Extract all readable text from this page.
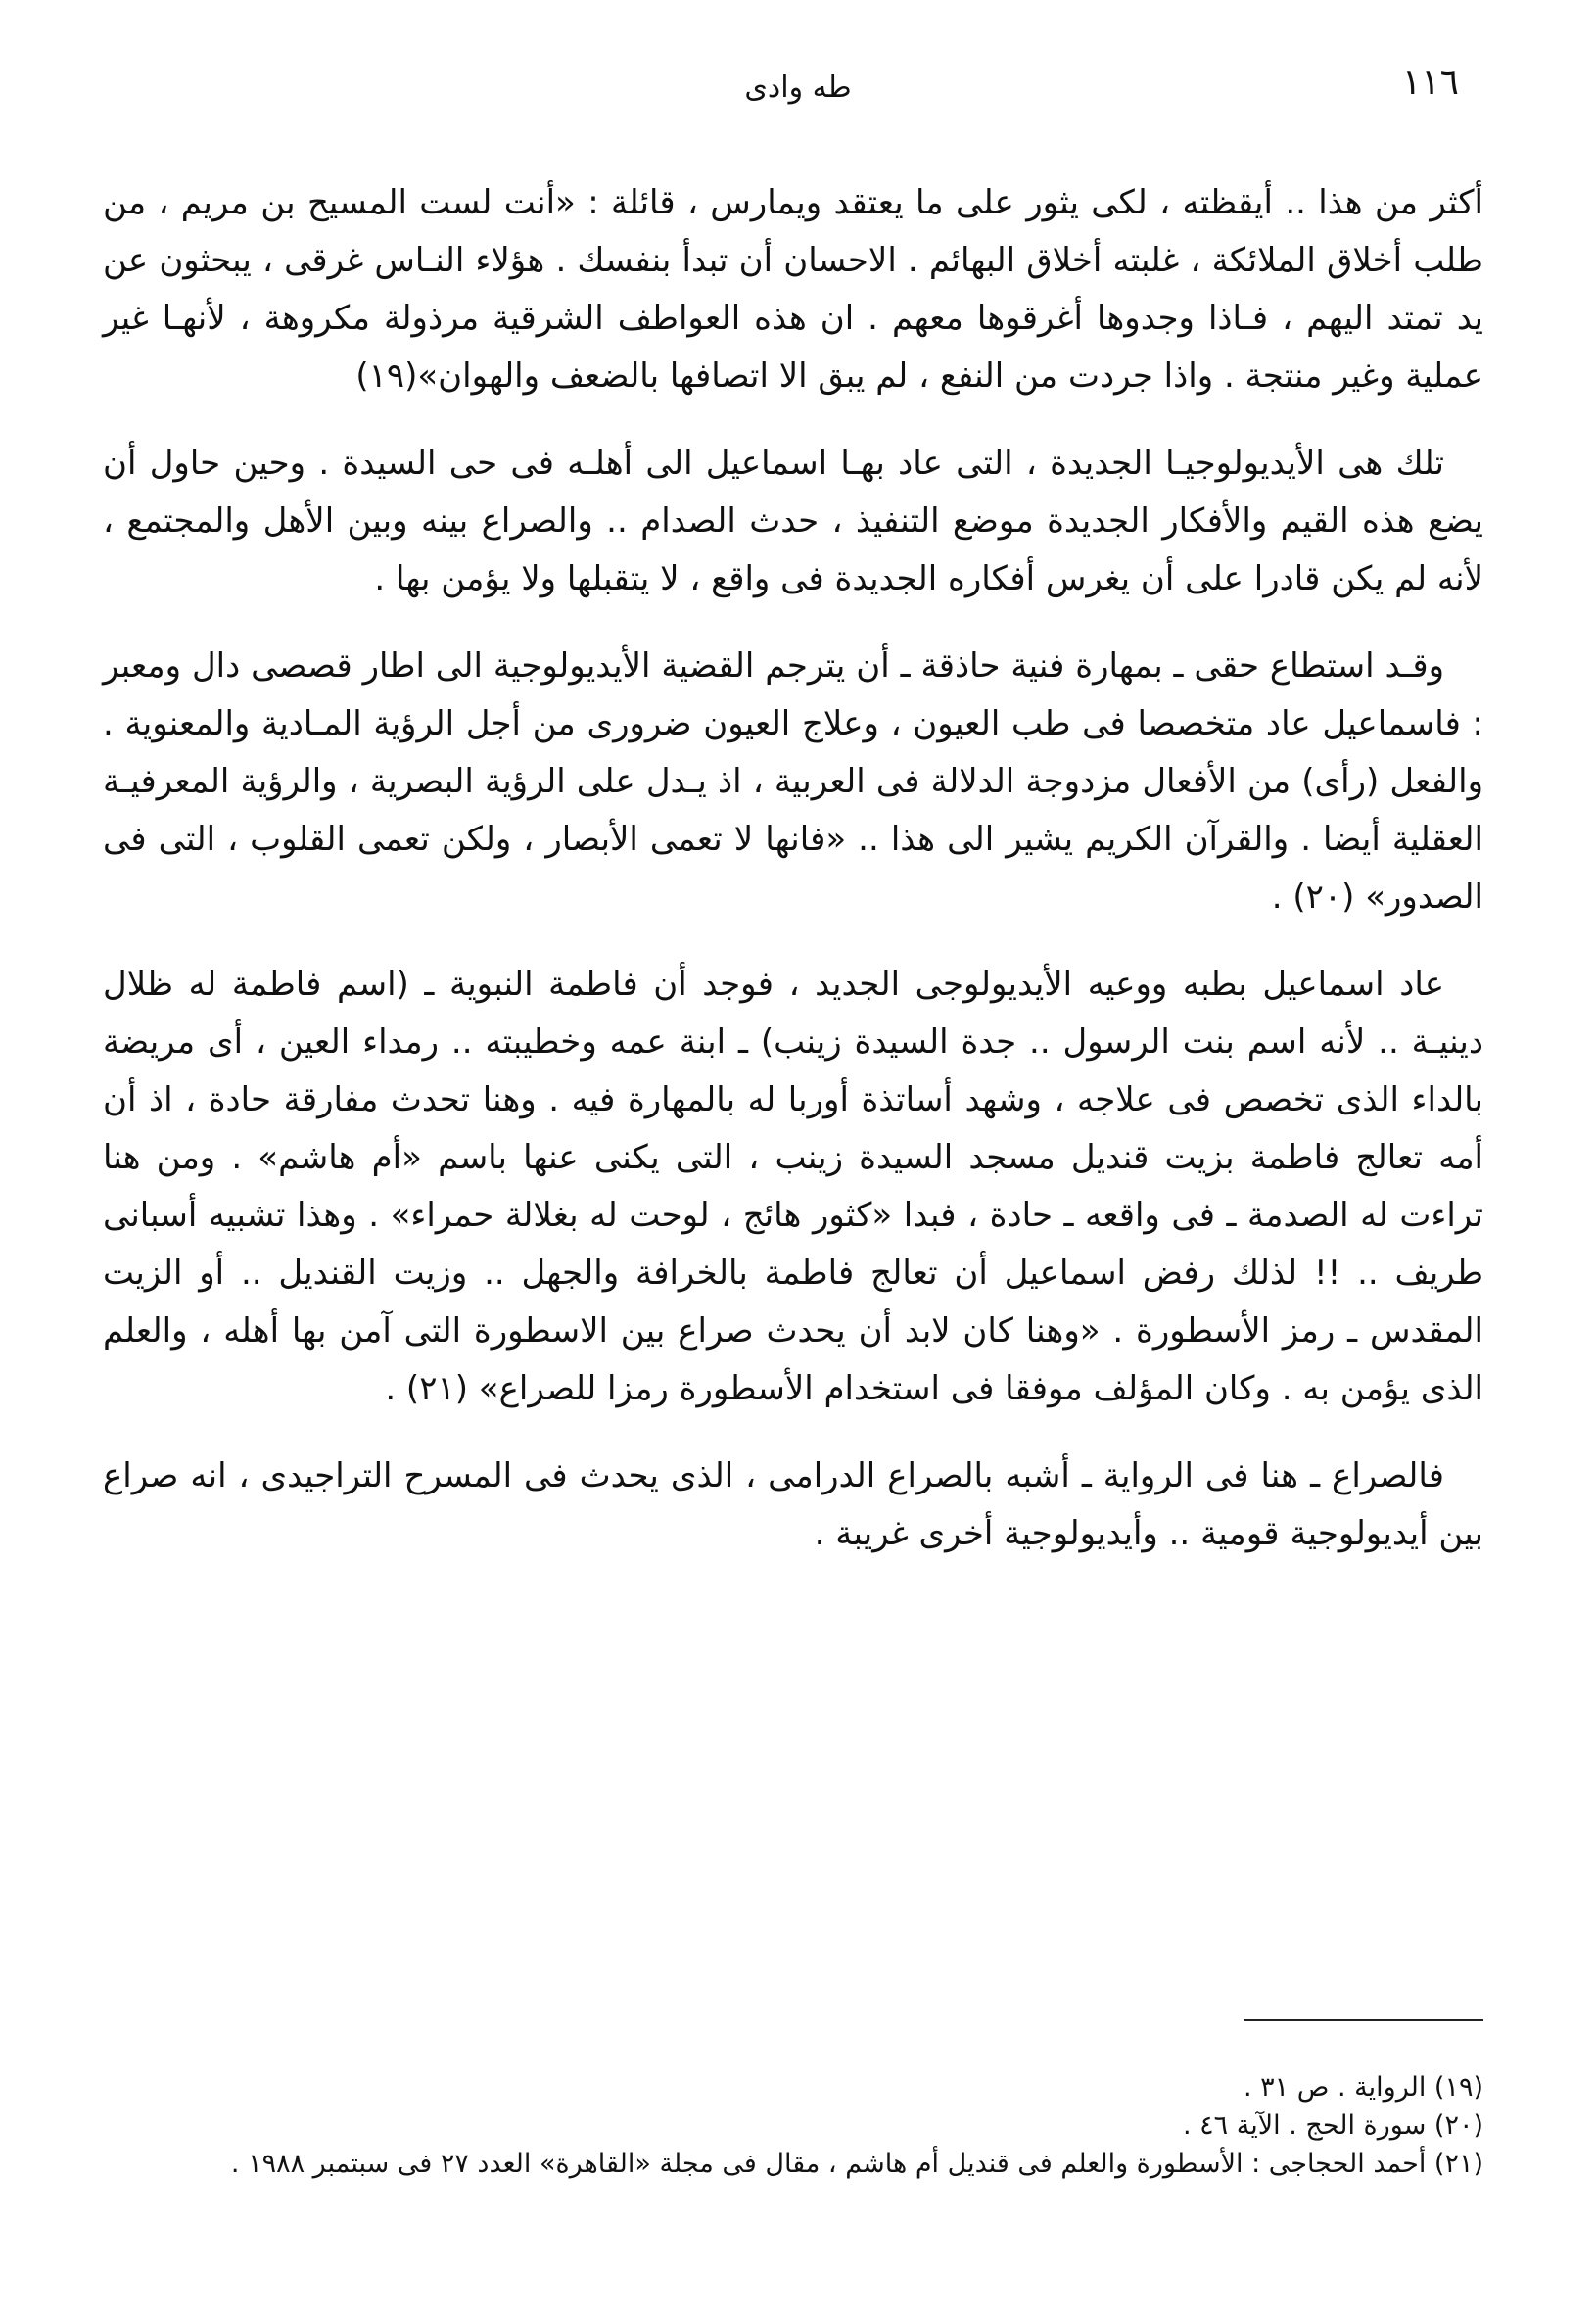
١١٦
طه وادى

أكثر من هذا .. أيقظته ، لكى يثور على ما يعتقد ويمارس ، قائلة : «أنت لست المسيح بن مريم ، من طلب أخلاق الملائكة ، غلبته أخلاق البهائم . الاحسان أن تبدأ بنفسك . هؤلاء النـاس غرقى ، يبحثون عن يد تمتد اليهم ، فـاذا وجدوها أغرقوها معهم . ان هذه العواطف الشرقية مرذولة مكروهة ، لأنهـا غير عملية وغير منتجة . واذا جردت من النفع ، لم يبق الا اتصافها بالضعف والهوان»(١٩)

تلك هى الأيديولوجيـا الجديدة ، التى عاد بهـا اسماعيل الى أهلـه فى حى السيدة . وحين حاول أن يضع هذه القيم والأفكار الجديدة موضع التنفيذ ، حدث الصدام .. والصراع بينه وبين الأهل والمجتمع ، لأنه لم يكن قادرا على أن يغرس أفكاره الجديدة فى واقع ، لا يتقبلها ولا يؤمن بها .

وقـد استطاع حقى ـ بمهارة فنية حاذقة ـ أن يترجم القضية الأيديولوجية الى اطار قصصى دال ومعبر : فاسماعيل عاد متخصصا فى طب العيون ، وعلاج العيون ضرورى من أجل الرؤية المـادية والمعنوية . والفعل (رأى) من الأفعال مزدوجة الدلالة فى العربية ، اذ يـدل على الرؤية البصرية ، والرؤية المعرفيـة العقلية أيضا . والقرآن الكريم يشير الى هذا .. «فانها لا تعمى الأبصار ، ولكن تعمى القلوب ، التى فى الصدور» (٢٠) .

عاد اسماعيل بطبه ووعيه الأيديولوجى الجديد ، فوجد أن فاطمة النبوية ـ (اسم فاطمة له ظلال دينيـة .. لأنه اسم بنت الرسول .. جدة السيدة زينب) ـ ابنة عمه وخطيبته .. رمداء العين ، أى مريضة بالداء الذى تخصص فى علاجه ، وشهد أساتذة أوربا له بالمهارة فيه . وهنا تحدث مفارقة حادة ، اذ أن أمه تعالج فاطمة بزيت قنديل مسجد السيدة زينب ، التى يكنى عنها باسم «أم هاشم» . ومن هنا تراءت له الصدمة ـ فى واقعه ـ حادة ، فبدا «كثور هائج ، لوحت له بغلالة حمراء» . وهذا تشبيه أسبانى طريف .. !! لذلك رفض اسماعيل أن تعالج فاطمة بالخرافة والجهل .. وزيت القنديل .. أو الزيت المقدس ـ رمز الأسطورة . «وهنا كان لابد أن يحدث صراع بين الاسطورة التى آمن بها أهله ، والعلم الذى يؤمن به . وكان المؤلف موفقا فى استخدام الأسطورة رمزا للصراع» (٢١) .

فالصراع ـ هنا فى الرواية ـ أشبه بالصراع الدرامى ، الذى يحدث فى المسرح التراجيدى ، انه صراع بين أيديولوجية قومية .. وأيديولوجية أخرى غريبة .

(١٩) الرواية . ص ٣١ .

(٢٠) سورة الحج . الآية ٤٦ .

(٢١) أحمد الحجاجى : الأسطورة والعلم فى قنديل أم هاشم ، مقال فى مجلة «القاهرة» العدد ٢٧ فى سبتمبر ١٩٨٨ .
